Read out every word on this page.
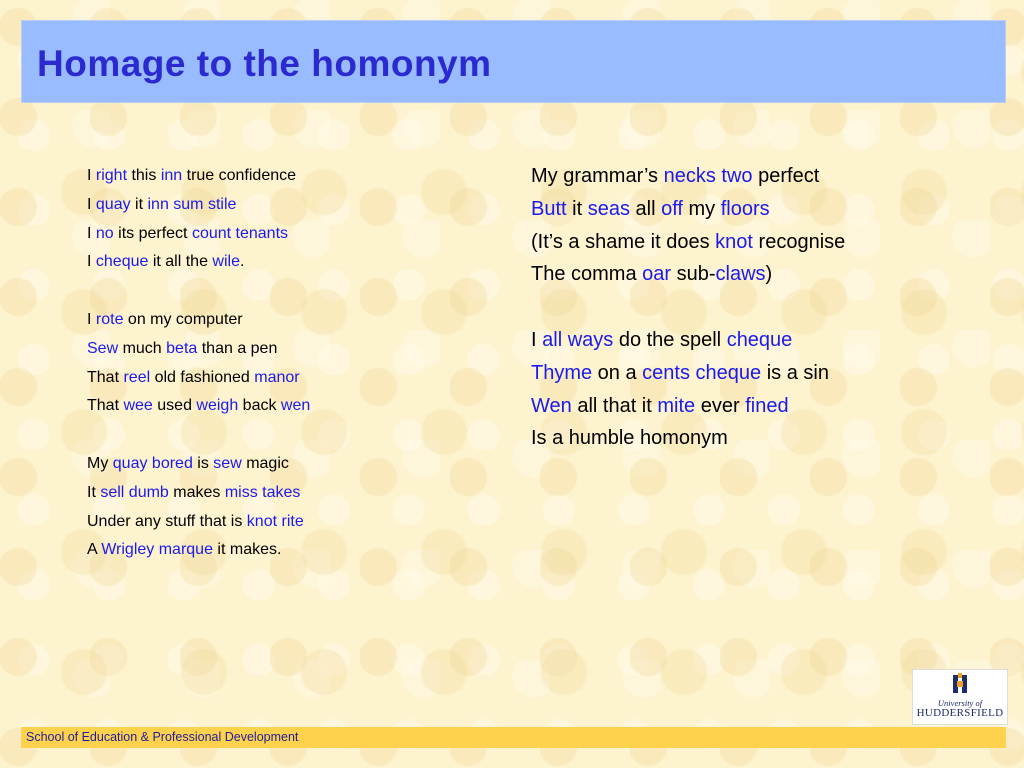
Homage to the homonym
I right this inn true confidence
I quay it inn sum stile
I no its perfect count tenants
I cheque it all the wile.
I rote on my computer
Sew much beta than a pen
That reel old fashioned manor
That wee used weigh back wen
My quay bored is sew magic
It sell dumb makes miss takes
Under any stuff that is knot rite
A Wrigley marque it makes.
My grammar’s necks two perfect
Butt it seas all off my floors
(It’s a shame it does knot recognise
The comma oar sub-claws)
I all ways do the spell cheque
Thyme on a cents cheque is a sin
Wen all that it mite ever fined
Is a humble homonym
University of
HUDDERSFIELD
School of Education & Professional Development
